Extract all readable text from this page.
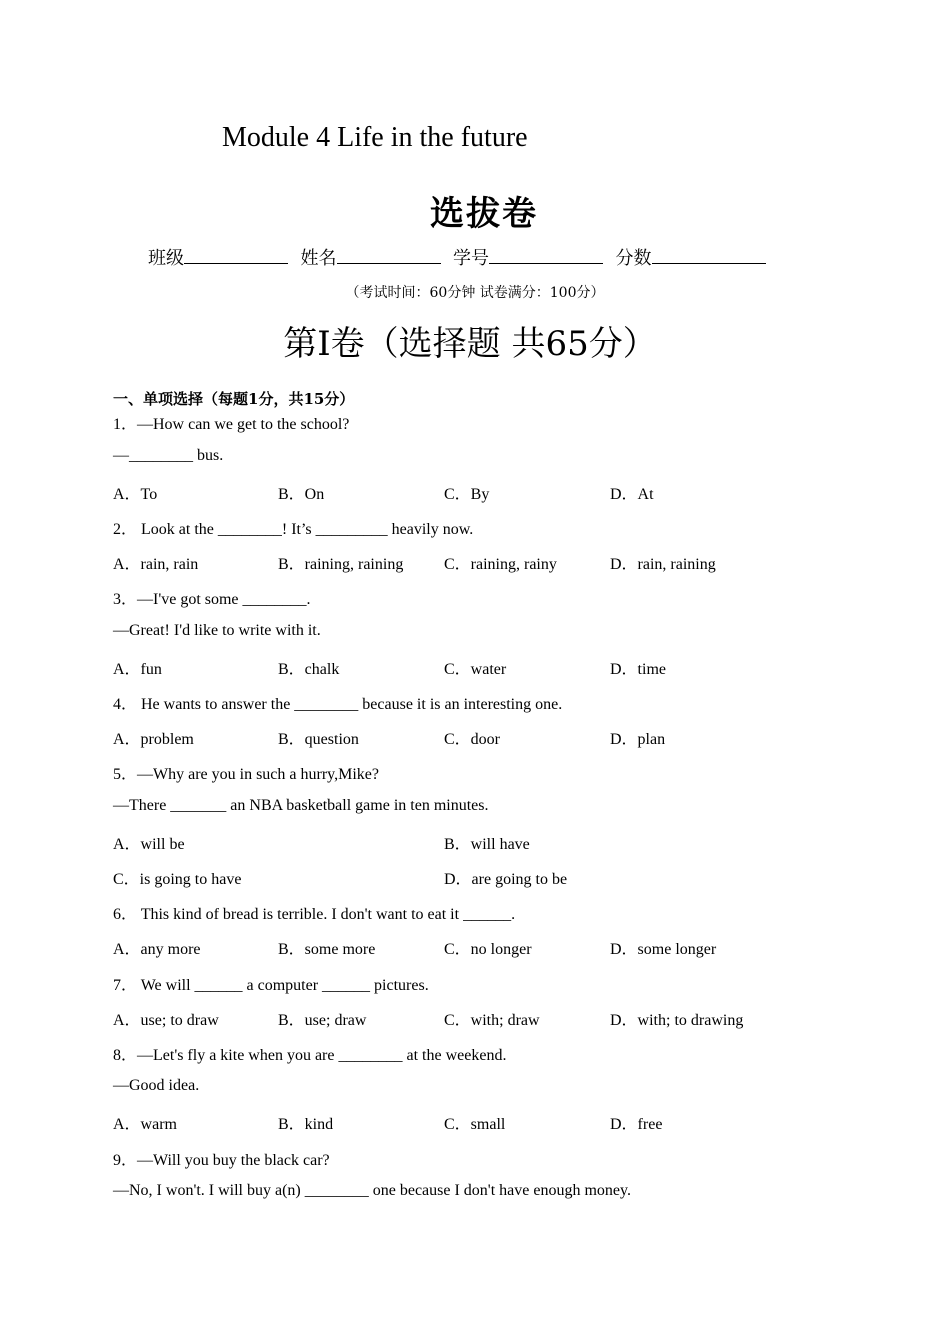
Module 4 Life in the future
选拔卷
班级	姓名	学号	分数
（考试时间：60分钟 试卷满分：100分）
第Ⅰ卷（选择题 共65分）
一、单项选择（每题1分，共15分）
1．—How can we get to the school?
—________ bus.
A．To	B．On	C．By	D．At
2． Look at the ________! It’s _________ heavily now.
A．rain, rain	B．raining, raining	C．raining, rainy	D．rain, raining
3．—I've got some ________.
—Great! I'd like to write with it.
A．fun	B．chalk	C．water	D．time
4． He wants to answer the ________ because it is an interesting one.
A．problem	B．question	C．door	D．plan
5．—Why are you in such a hurry,Mike?
—There _______ an NBA basketball game in ten minutes.
A．will be	B．will have
C．is going to have	D．are going to be
6． This kind of bread is terrible. I don't want to eat it ______.
A．any more	B．some more	C．no longer	D．some longer
7． We will ______ a computer ______ pictures.
A．use; to draw	B．use; draw	C．with; draw	D．with; to drawing
8．—Let's fly a kite when you are ________ at the weekend.
—Good idea.
A．warm	B．kind	C．small	D．free
9．—Will you buy the black car?
—No, I won't. I will buy a(n) ________ one because I don't have enough money.
